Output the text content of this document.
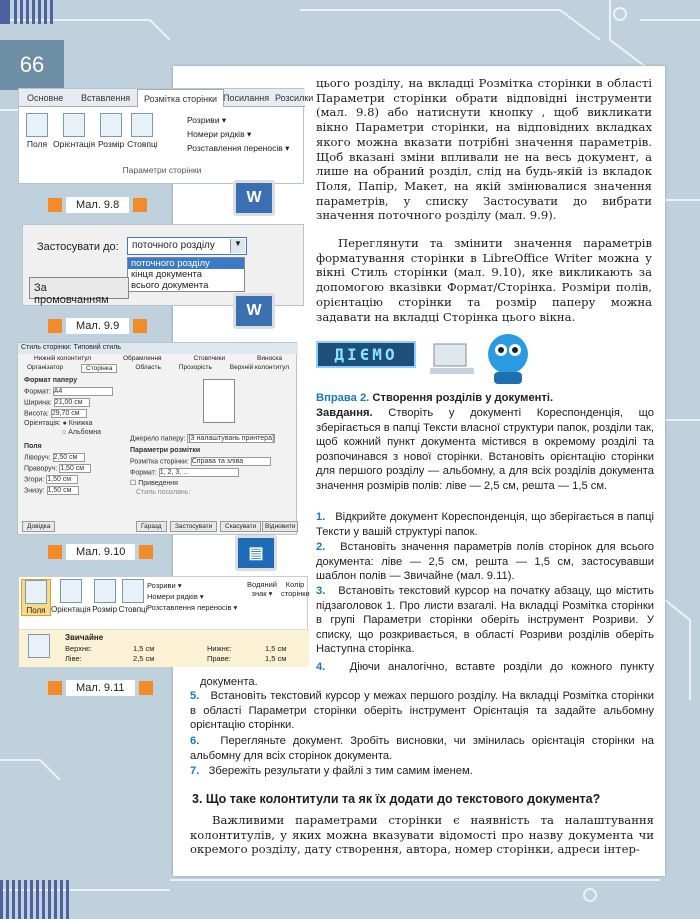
66
Основне	Вставлення	Розмітка сторінки Посилання Розсилки
Поля Орієнтація Розмір Стовпці
Розриви ▾
Номери рядків ▾
Розставлення переносів ▾
Параметри сторінки
W
Мал. 9.8
Застосувати до:	поточного розділу	▼
поточного розділу
кінця документа
всього документа
За промовчанням
W
Мал. 9.9
Стиль сторінки: Типовий стиль
Нижній колонтитул	Обрамлення	Стовпчики	Виноска
Організатор	Сторінка	Область	Прозорість	Верхній колонтитул
Формат паперу
Формат: A4
Ширина: 21,00 см
Висота: 29,70 см
Орієнтація: ● Книжка
○ Альбомна
Поля
Ліворуч: 2,50 см
Праворуч: 1,50 см
Згори: 1,50 см
Знизу: 1,50 см
Джерело паперу: [З налаштувань принтера]
Параметри розмітки
Розмітка сторінки: Справа та зліва
Формат: 1, 2, 3, ...
☐ Приведення
Стиль посилань:
Довідка	Гаразд	Застосувати	Скасувати	Відновити
▤
Мал. 9.10
Поля Орієнтація Розмір Стовпці
Розриви ▾
Номери рядків ▾
Розставлення переносів ▾
Водяний знак ▾
Колір сторінки
Звичайне
Верхнє:	1,5 см	Нижнє:	1,5 см

Ліве:	2,5 см	Праве:	1,5 см
Мал. 9.11
цього розділу, на вкладці Розмітка сторінки в області Параметри сторінки обрати відповідні інструменти (мал. 9.8) або натиснути кнопку , щоб викликати вікно Параметри сторінки, на відповідних вкладках якого можна вказати потрібні значення параметрів. Щоб вказані зміни впливали не на весь документ, а лише на обраний розділ, слід на будь-якій із вкладок Поля, Папір, Макет, на якій змінювалися значення параметрів, у списку Застосувати до вибрати значення поточного розділу (мал. 9.9).
Переглянути та змінити значення параметрів форматування сторінки в LibreOffice Writer можна у вікні Стиль сторінки (мал. 9.10), яке викликають за допомогою вказівки Формат/Сторінка. Розміри полів, орієнтацію сторінки та розмір паперу можна задавати на вкладці Сторінка цього вікна.
ДІЄМО
Вправа 2. Створення розділів у документі.
Завдання. Створіть у документі Кореспонденція, що зберігається в папці Тексти власної структури папок, розділи так, щоб кожний пункт документа містився в окремому розділі та розпочинався з нової сторінки. Встановіть орієнтацію сторінки для першого розділу — альбомну, а для всіх розділів документа значення розмірів полів: ліве — 2,5 см, решта — 1,5 см.
1. Відкрийте документ Кореспонденція, що зберігається в папці Тексти у вашій структурі папок.
2. Встановіть значення параметрів полів сторінок для всього документа: ліве — 2,5 см, решта — 1,5 см, застосувавши шаблон полів — Звичайне (мал. 9.11).
3. Встановіть текстовий курсор на початку абзацу, що містить підзаголовок 1. Про листи взагалі. На вкладці Розмітка сторінки в групі Параметри сторінки оберіть інструмент Розриви. У списку, що розкривається, в області Розриви розділів оберіть Наступна сторінка.
4. Діючи аналогічно, вставте розділи до кожного пункту документа.
5. Встановіть текстовий курсор у межах першого розділу. На вкладці Розмітка сторінки в області Параметри сторінки оберіть інструмент Орієнтація та задайте альбомну орієнтацію сторінки.
6. Перегляньте документ. Зробіть висновки, чи змінилась орієнтація сторінки на альбомну для всіх сторінок документа.
7. Збережіть результати у файлі з тим самим іменем.
3. Що таке колонтитули та як їх додати до текстового документа?
Важливими параметрами сторінки є наявність та налаштування колонтитулів, у яких можна вказувати відомості про назву документа чи окремого розділу, дату створення, автора, номер сторінки, адреси інтер-
